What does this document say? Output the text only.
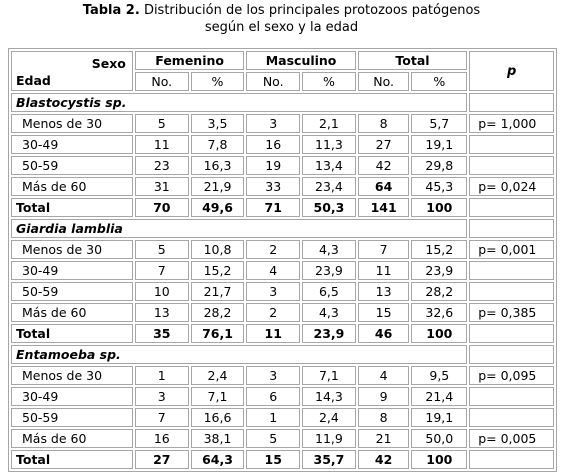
Tabla 2. Distribución de los principales protozoos patógenos
según el sexo y la edad
Sexo
Edad	Femenino		Masculino		Total		p
	No.	%	No.	%	No.	%	
Blastocystis sp.							
Menos de 30	5	3,5	3	2,1	8	5,7	p= 1,000
30-49	11	7,8	16	11,3	27	19,1	
50-59	23	16,3	19	13,4	42	29,8	
Más de 60	31	21,9	33	23,4	64	45,3	p= 0,024
Total	70	49,6	71	50,3	141	100	
Giardia lamblia							
Menos de 30	5	10,8	2	4,3	7	15,2	p= 0,001
30-49	7	15,2	4	23,9	11	23,9	
50-59	10	21,7	3	6,5	13	28,2	
Más de 60	13	28,2	2	4,3	15	32,6	p= 0,385
Total	35	76,1	11	23,9	46	100	
Entamoeba sp.							
Menos de 30	1	2,4	3	7,1	4	9,5	p= 0,095
30-49	3	7,1	6	14,3	9	21,4	
50-59	7	16,6	1	2,4	8	19,1	
Más de 60	16	38,1	5	11,9	21	50,0	p= 0,005
Total	27	64,3	15	35,7	42	100	
